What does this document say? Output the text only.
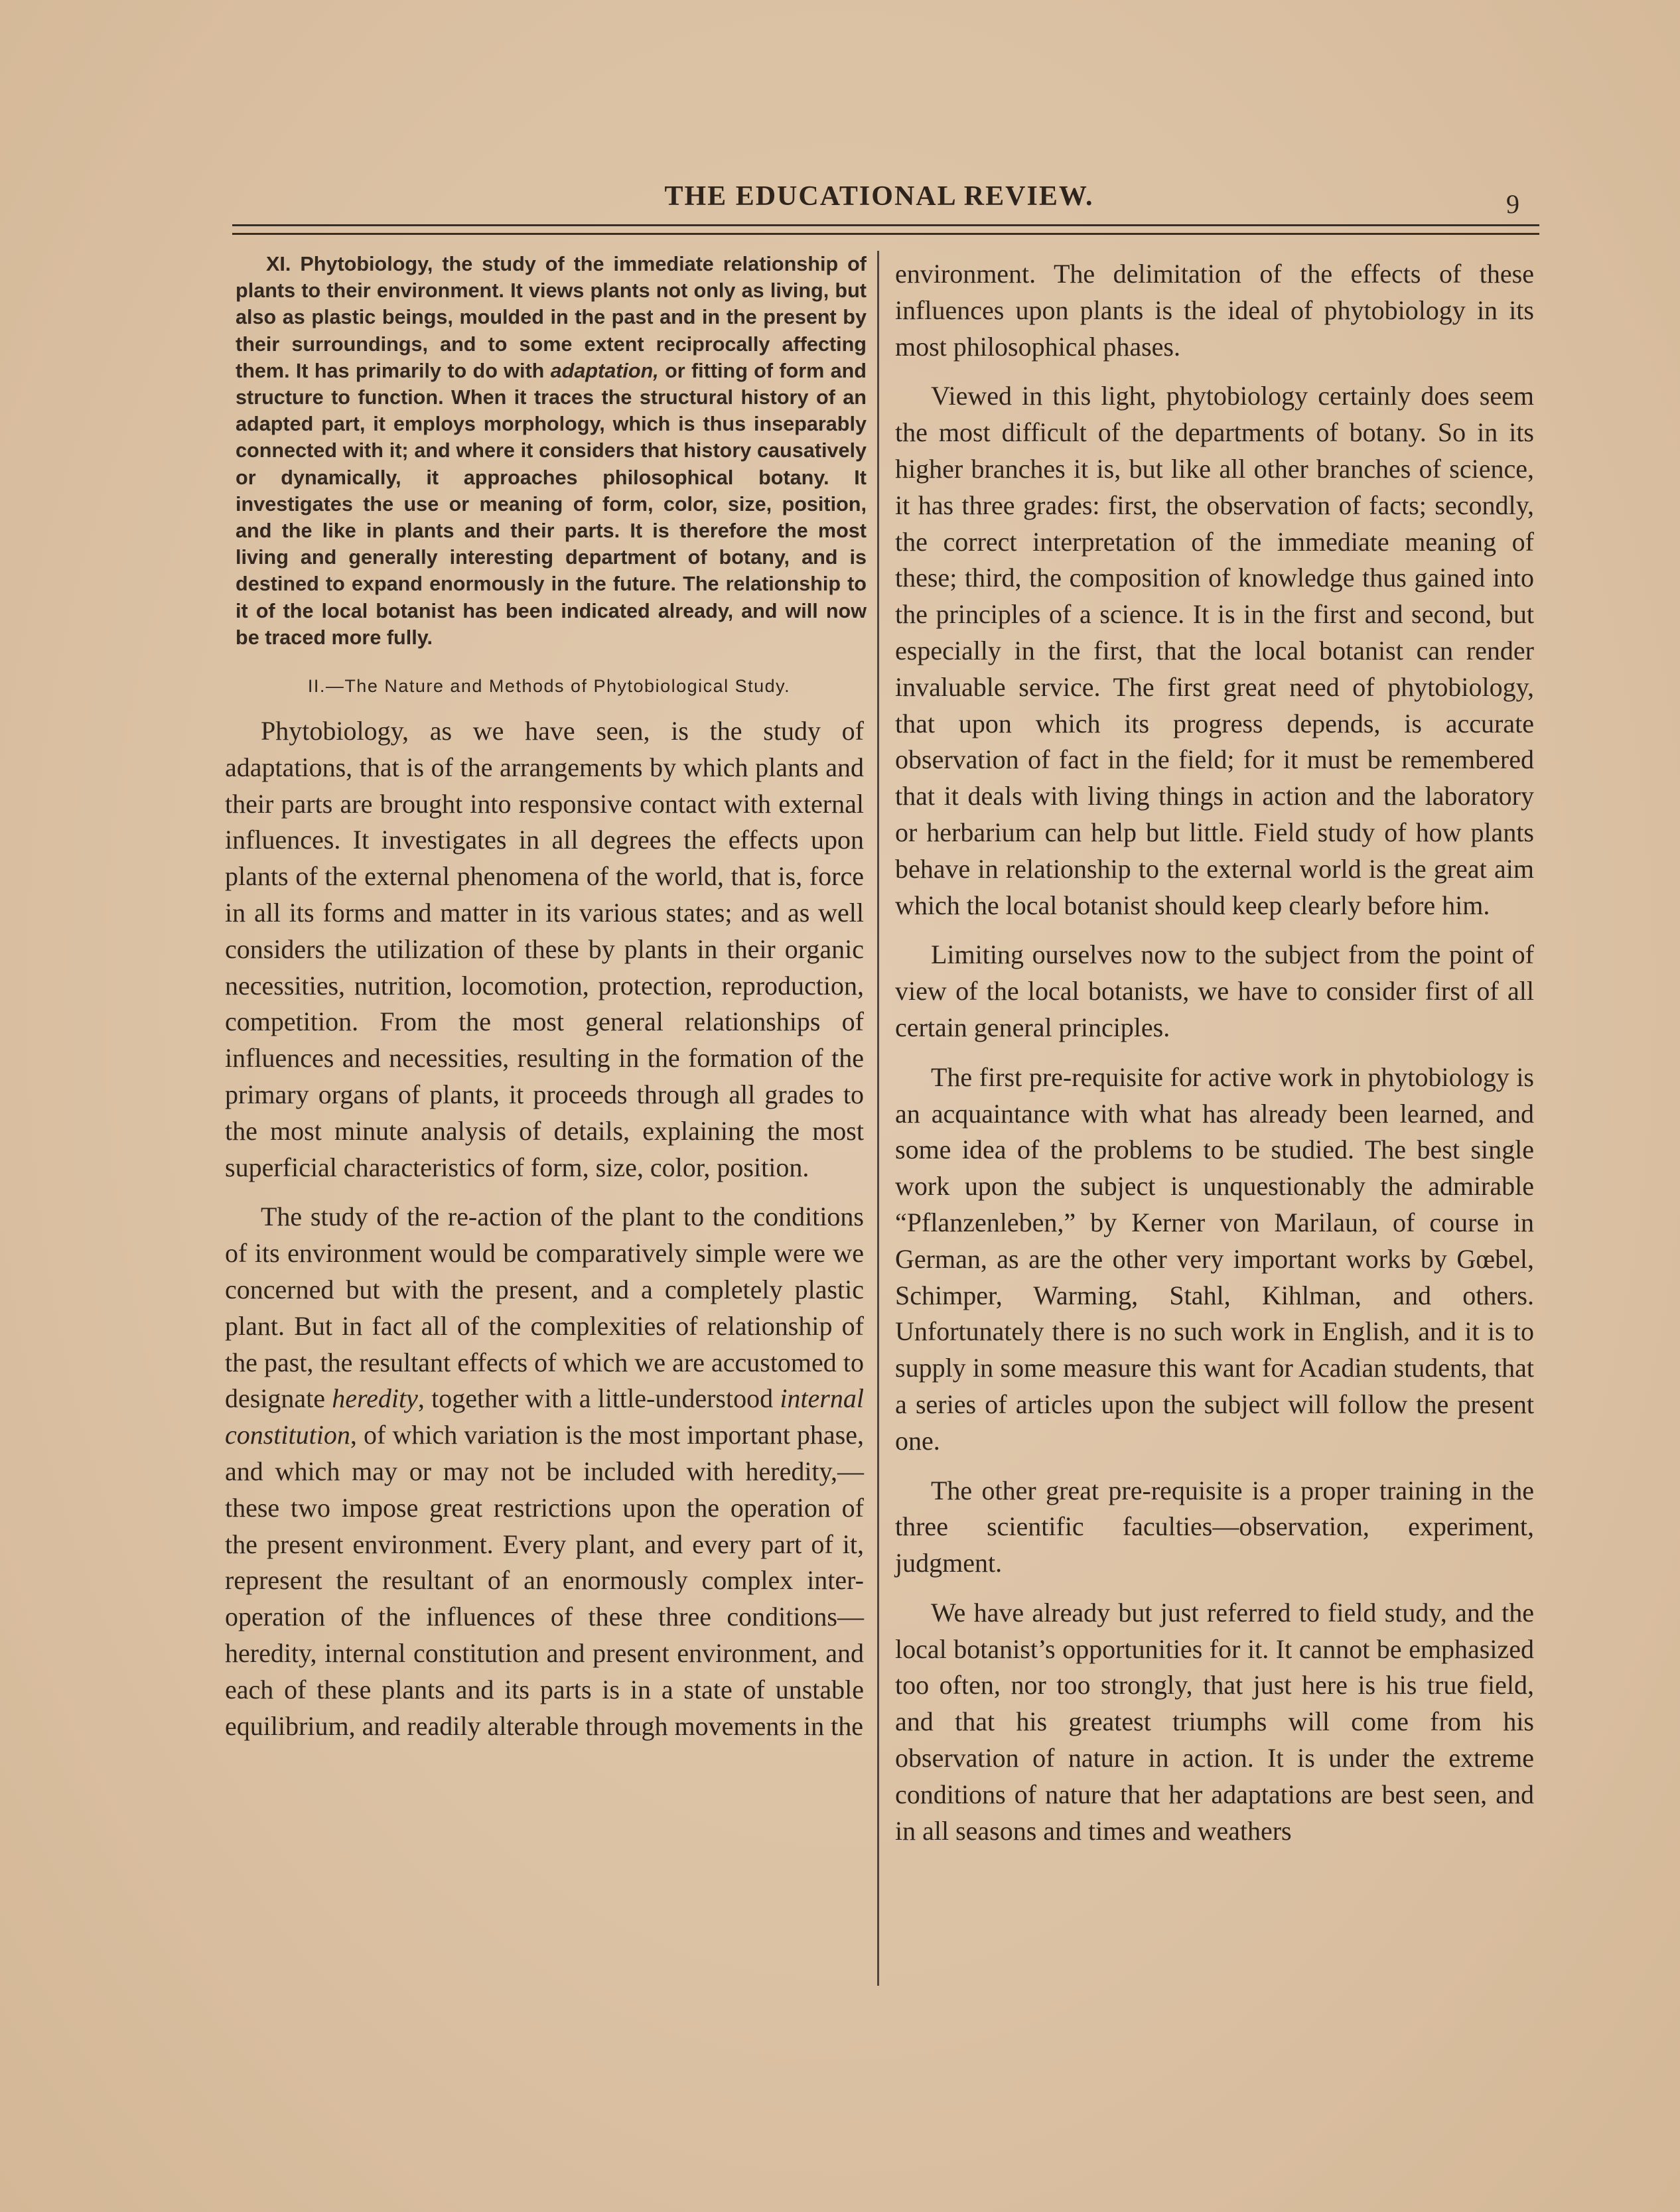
THE EDUCATIONAL REVIEW.	9

XI. Phytobiology, the study of the immediate relationship of plants to their environment. It views plants not only as living, but also as plastic beings, moulded in the past and in the present by their surroundings, and to some extent reciprocally affecting them. It has primarily to do with adaptation, or fitting of form and structure to function. When it traces the structural history of an adapted part, it employs morphology, which is thus inseparably connected with it; and where it considers that history causatively or dynamically, it approaches philosophical botany. It investigates the use or meaning of form, color, size, position, and the like in plants and their parts. It is therefore the most living and generally interesting department of botany, and is destined to expand enormously in the future. The relationship to it of the local botanist has been indicated already, and will now be traced more fully.

II.—The Nature and Methods of Phytobiological Study.

Phytobiology, as we have seen, is the study of adaptations, that is of the arrangements by which plants and their parts are brought into responsive contact with external influences. It investigates in all degrees the effects upon plants of the external phenomena of the world, that is, force in all its forms and matter in its various states; and as well considers the utilization of these by plants in their organic necessities, nutrition, locomotion, protection, reproduction, competition. From the most general relationships of influences and necessities, resulting in the formation of the primary organs of plants, it proceeds through all grades to the most minute analysis of details, explaining the most superficial characteristics of form, size, color, position.

The study of the re-action of the plant to the conditions of its environment would be comparatively simple were we concerned but with the present, and a completely plastic plant. But in fact all of the complexities of relationship of the past, the resultant effects of which we are accustomed to designate heredity, together with a little-understood internal constitution, of which variation is the most important phase, and which may or may not be included with heredity,—these two impose great restrictions upon the operation of the present environment. Every plant, and every part of it, represent the resultant of an enormously complex inter-operation of the influences of these three conditions—heredity, internal constitution and present environment, and each of these plants and its parts is in a state of unstable equilibrium, and readily alterable through movements in the

environment. The delimitation of the effects of these influences upon plants is the ideal of phytobiology in its most philosophical phases.

Viewed in this light, phytobiology certainly does seem the most difficult of the departments of botany. So in its higher branches it is, but like all other branches of science, it has three grades: first, the observation of facts; secondly, the correct interpretation of the immediate meaning of these; third, the composition of knowledge thus gained into the principles of a science. It is in the first and second, but especially in the first, that the local botanist can render invaluable service. The first great need of phytobiology, that upon which its progress depends, is accurate observation of fact in the field; for it must be remembered that it deals with living things in action and the laboratory or herbarium can help but little. Field study of how plants behave in relationship to the external world is the great aim which the local botanist should keep clearly before him.

Limiting ourselves now to the subject from the point of view of the local botanists, we have to consider first of all certain general principles.

The first pre-requisite for active work in phytobiology is an acquaintance with what has already been learned, and some idea of the problems to be studied. The best single work upon the subject is unquestionably the admirable “Pflanzenleben,” by Kerner von Marilaun, of course in German, as are the other very important works by Gœbel, Schimper, Warming, Stahl, Kihlman, and others. Unfortunately there is no such work in English, and it is to supply in some measure this want for Acadian students, that a series of articles upon the subject will follow the present one.

The other great pre-requisite is a proper training in the three scientific faculties—observation, experiment, judgment.

We have already but just referred to field study, and the local botanist’s opportunities for it. It cannot be emphasized too often, nor too strongly, that just here is his true field, and that his greatest triumphs will come from his observation of nature in action. It is under the extreme conditions of nature that her adaptations are best seen, and in all seasons and times and weathers
